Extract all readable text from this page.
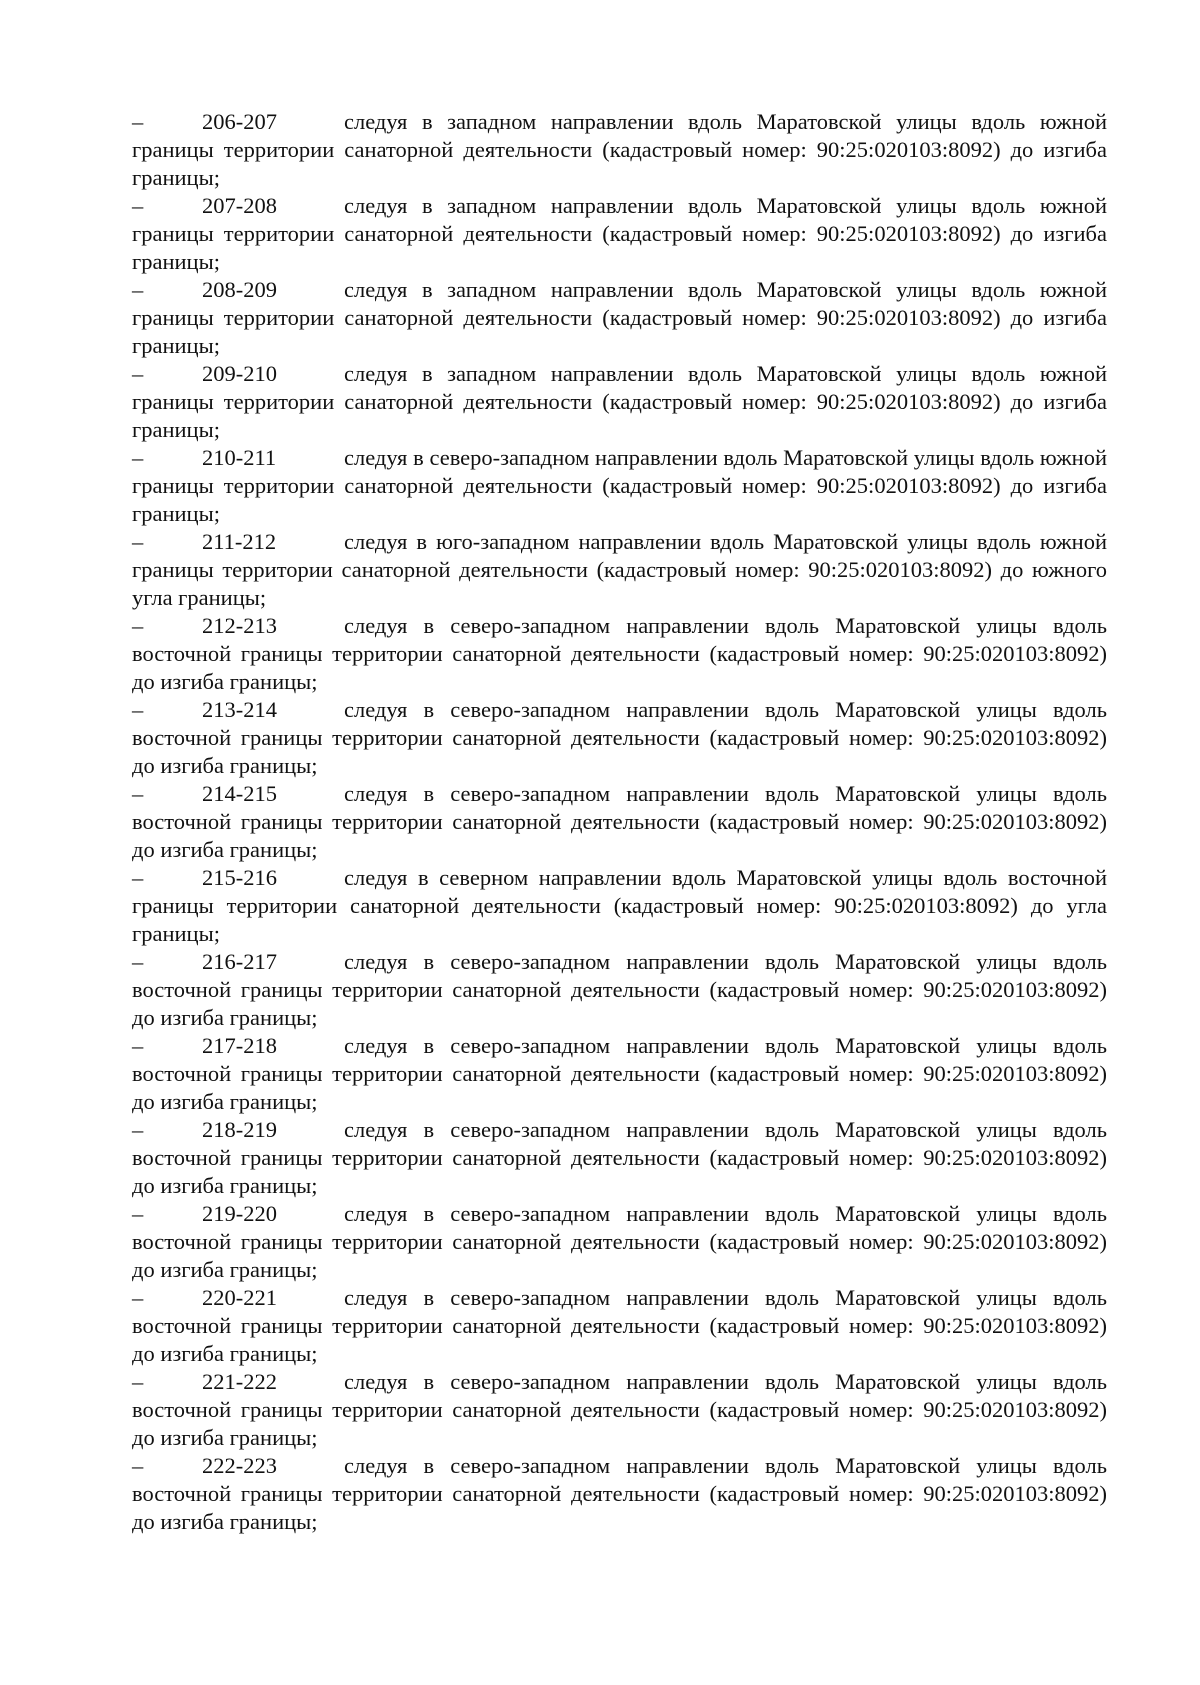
–	206-207	следуя в западном направлении вдоль Маратовской улицы вдоль южной границы территории санаторной деятельности (кадастровый номер: 90:25:020103:8092) до изгиба границы;

–	207-208	следуя в западном направлении вдоль Маратовской улицы вдоль южной границы территории санаторной деятельности (кадастровый номер: 90:25:020103:8092) до изгиба границы;

–	208-209	следуя в западном направлении вдоль Маратовской улицы вдоль южной границы территории санаторной деятельности (кадастровый номер: 90:25:020103:8092) до изгиба границы;

–	209-210	следуя в западном направлении вдоль Маратовской улицы вдоль южной границы территории санаторной деятельности (кадастровый номер: 90:25:020103:8092) до изгиба границы;

–	210-211	следуя в северо-западном направлении вдоль Маратовской улицы вдоль южной границы территории санаторной деятельности (кадастровый номер: 90:25:020103:8092) до изгиба границы;

–	211-212	следуя в юго-западном направлении вдоль Маратовской улицы вдоль южной границы территории санаторной деятельности (кадастровый номер: 90:25:020103:8092) до южного угла границы;

–	212-213	следуя в северо-западном направлении вдоль Маратовской улицы вдоль восточной границы территории санаторной деятельности (кадастровый номер: 90:25:020103:8092) до изгиба границы;

–	213-214	следуя в северо-западном направлении вдоль Маратовской улицы вдоль восточной границы территории санаторной деятельности (кадастровый номер: 90:25:020103:8092) до изгиба границы;

–	214-215	следуя в северо-западном направлении вдоль Маратовской улицы вдоль восточной границы территории санаторной деятельности (кадастровый номер: 90:25:020103:8092) до изгиба границы;

–	215-216	следуя в северном направлении вдоль Маратовской улицы вдоль восточной границы территории санаторной деятельности (кадастровый номер: 90:25:020103:8092) до угла границы;

–	216-217	следуя в северо-западном направлении вдоль Маратовской улицы вдоль восточной границы территории санаторной деятельности (кадастровый номер: 90:25:020103:8092) до изгиба границы;

–	217-218	следуя в северо-западном направлении вдоль Маратовской улицы вдоль восточной границы территории санаторной деятельности (кадастровый номер: 90:25:020103:8092) до изгиба границы;

–	218-219	следуя в северо-западном направлении вдоль Маратовской улицы вдоль восточной границы территории санаторной деятельности (кадастровый номер: 90:25:020103:8092) до изгиба границы;

–	219-220	следуя в северо-западном направлении вдоль Маратовской улицы вдоль восточной границы территории санаторной деятельности (кадастровый номер: 90:25:020103:8092) до изгиба границы;

–	220-221	следуя в северо-западном направлении вдоль Маратовской улицы вдоль восточной границы территории санаторной деятельности (кадастровый номер: 90:25:020103:8092) до изгиба границы;

–	221-222	следуя в северо-западном направлении вдоль Маратовской улицы вдоль восточной границы территории санаторной деятельности (кадастровый номер: 90:25:020103:8092) до изгиба границы;

–	222-223	следуя в северо-западном направлении вдоль Маратовской улицы вдоль восточной границы территории санаторной деятельности (кадастровый номер: 90:25:020103:8092) до изгиба границы;
